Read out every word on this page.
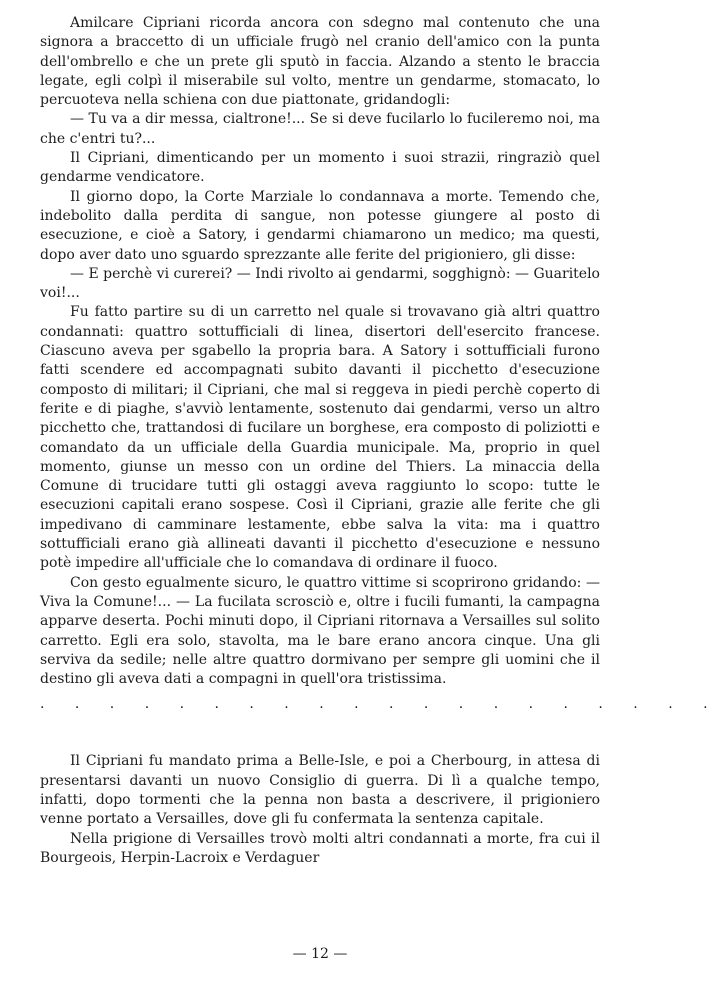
Amilcare Cipriani ricorda ancora con sdegno mal contenuto che una signora a braccetto di un ufficiale frugò nel cranio dell'amico con la punta dell'ombrello e che un prete gli sputò in faccia. Alzando a stento le braccia legate, egli colpì il miserabile sul volto, mentre un gendarme, stomacato, lo percuoteva nella schiena con due piattonate, gridandogli:

— Tu va a dir messa, cialtrone!... Se si deve fucilarlo lo fucileremo noi, ma che c'entri tu?...

Il Cipriani, dimenticando per un momento i suoi strazii, ringraziò quel gendarme vendicatore.

Il giorno dopo, la Corte Marziale lo condannava a morte. Temendo che, indebolito dalla perdita di sangue, non potesse giungere al posto di esecuzione, e cioè a Satory, i gendarmi chiamarono un medico; ma questi, dopo aver dato uno sguardo sprezzante alle ferite del prigioniero, gli disse:

— E perchè vi curerei? — Indi rivolto ai gendarmi, sogghignò: — Guaritelo voi!...

Fu fatto partire su di un carretto nel quale si trovavano già altri quattro condannati: quattro sottufficiali di linea, disertori dell'esercito francese. Ciascuno aveva per sgabello la propria bara. A Satory i sottufficiali furono fatti scendere ed accompagnati subito davanti il picchetto d'esecuzione composto di militari; il Cipriani, che mal si reggeva in piedi perchè coperto di ferite e di piaghe, s'avviò lentamente, sostenuto dai gendarmi, verso un altro picchetto che, trattandosi di fucilare un borghese, era composto di poliziotti e comandato da un ufficiale della Guardia municipale. Ma, proprio in quel momento, giunse un messo con un ordine del Thiers. La minaccia della Comune di trucidare tutti gli ostaggi aveva raggiunto lo scopo: tutte le esecuzioni capitali erano sospese. Così il Cipriani, grazie alle ferite che gli impedivano di camminare lestamente, ebbe salva la vita: ma i quattro sottufficiali erano già allineati davanti il picchetto d'esecuzione e nessuno potè impedire all'ufficiale che lo comandava di ordinare il fuoco.

Con gesto egualmente sicuro, le quattro vittime si scoprirono gridando: — Viva la Comune!... — La fucilata scrosciò e, oltre i fucili fumanti, la campagna apparve deserta. Pochi minuti dopo, il Cipriani ritornava a Versailles sul solito carretto. Egli era solo, stavolta, ma le bare erano ancora cinque. Una gli serviva da sedile; nelle altre quattro dormivano per sempre gli uomini che il destino gli aveva dati a compagni in quell'ora tristissima.

. . . . . . . . . . . . . . . . . . . .

Il Cipriani fu mandato prima a Belle-Isle, e poi a Cherbourg, in attesa di presentarsi davanti un nuovo Consiglio di guerra. Di lì a qualche tempo, infatti, dopo tormenti che la penna non basta a descrivere, il prigioniero venne portato a Versailles, dove gli fu confermata la sentenza capitale.

Nella prigione di Versailles trovò molti altri condannati a morte, fra cui il Bourgeois, Herpin-Lacroix e Verdaguer

— 12 —
